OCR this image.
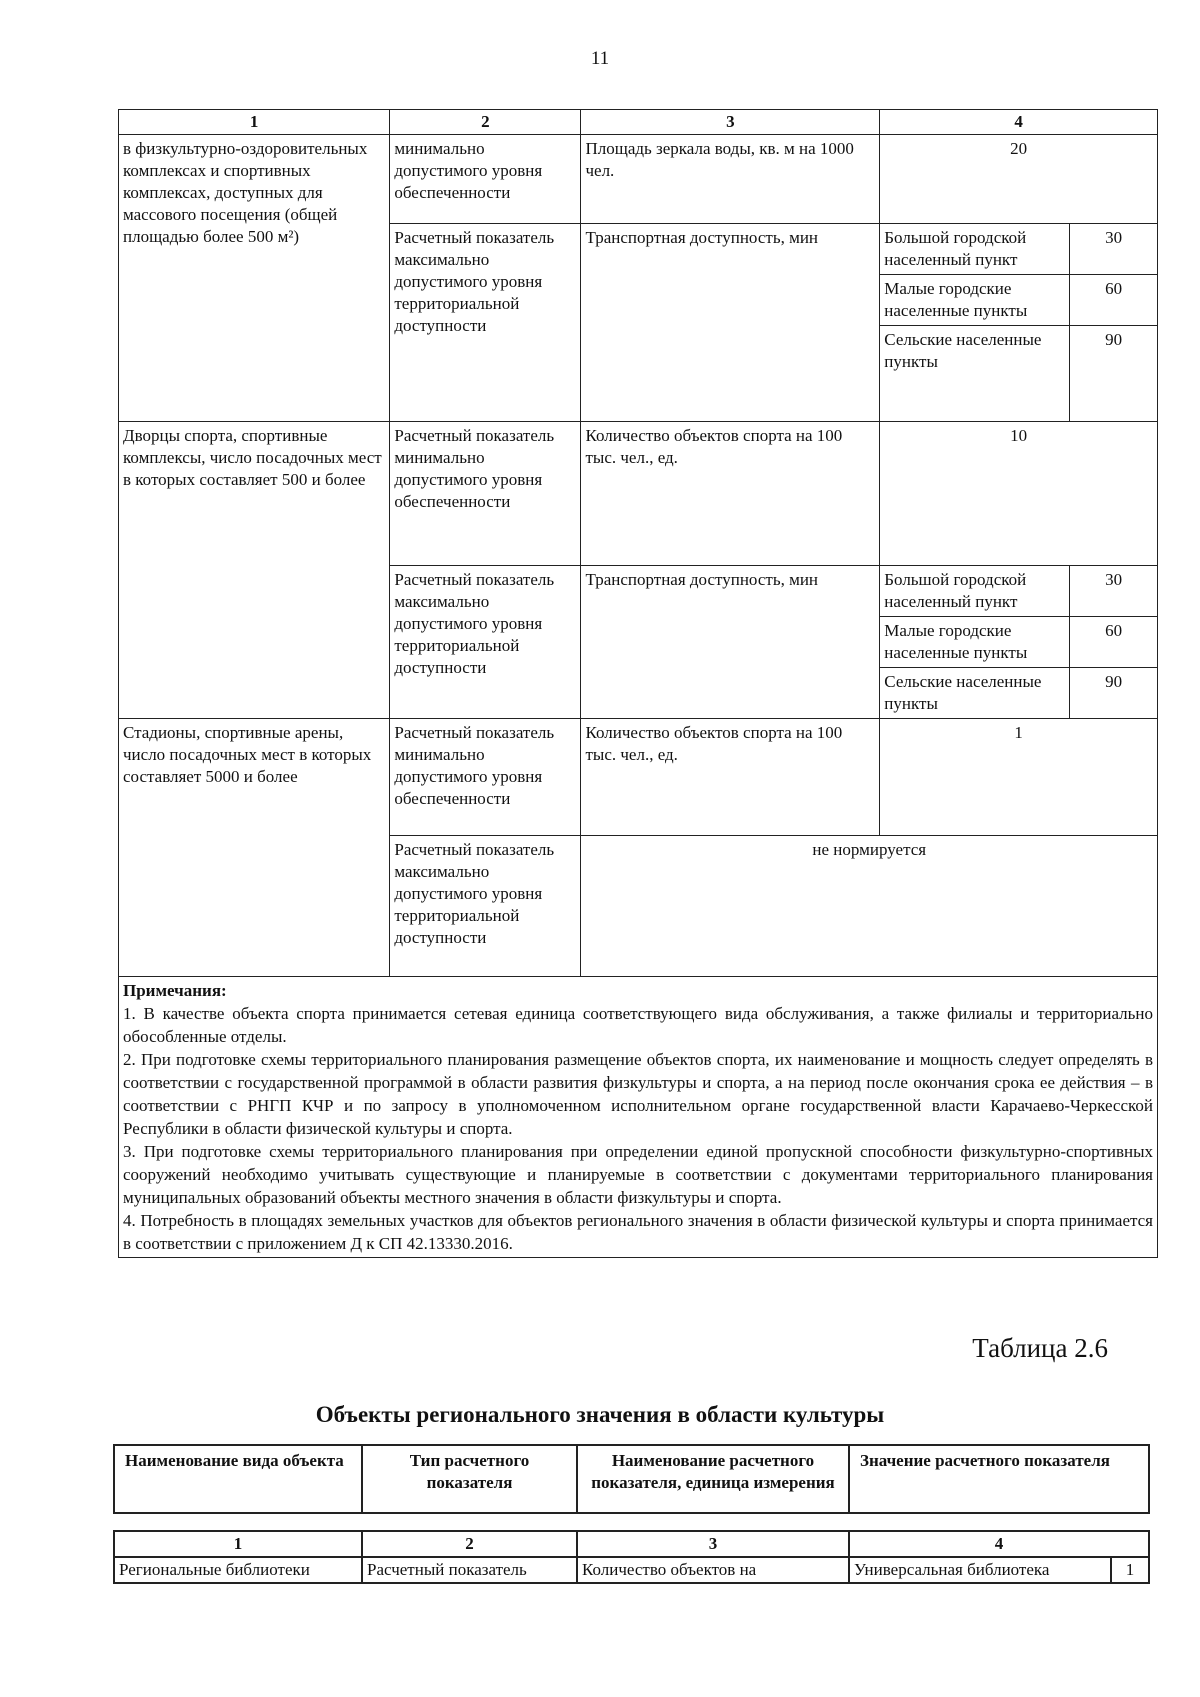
11
1	2	3	4	
в физкультурно-оздоровительных комплексах и спортивных комплексах, доступных для массового посещения (общей площадью более 500 м²)	минимально допустимого уровня обеспеченности	Площадь зеркала воды, кв. м на 1000 чел.	20	
	Расчетный показатель максимально допустимого уровня территориальной доступности	Транспортная доступность, мин	Большой городской населенный пункт	30
			Малые городские населенные пункты	60
			Сельские населенные пункты	90
Дворцы спорта, спортивные комплексы, число посадочных мест в которых составляет 500 и более	Расчетный показатель минимально допустимого уровня обеспеченности	Количество объектов спорта на 100 тыс. чел., ед.	10	
	Расчетный показатель максимально допустимого уровня территориальной доступности	Транспортная доступность, мин	Большой городской населенный пункт	30
			Малые городские населенные пункты	60
			Сельские населенные пункты	90
Стадионы, спортивные арены, число посадочных мест в которых составляет 5000 и более	Расчетный показатель минимально допустимого уровня обеспеченности	Количество объектов спорта на 100 тыс. чел., ед.	1	
	Расчетный показатель максимально допустимого уровня территориальной доступности	не нормируется		

Примечания:

1. В качестве объекта спорта принимается сетевая единица соответствующего вида обслуживания, а также филиалы и территориально обособленные отделы.

2. При подготовке схемы территориального планирования размещение объектов спорта, их наименование и мощность следует определять в соответствии с государственной программой в области развития физкультуры и спорта, а на период после окончания срока ее действия – в соответствии с РНГП КЧР и по запросу в уполномоченном исполнительном органе государственной власти Карачаево-Черкесской Республики в области физической культуры и спорта.

3. При подготовке схемы территориального планирования при определении единой пропускной способности физкультурно-спортивных сооружений необходимо учитывать существующие и планируемые в соответствии с документами территориального планирования муниципальных образований объекты местного значения в области физкультуры и спорта.

4. Потребность в площадях земельных участков для объектов регионального значения в области физической культуры и спорта принимается в соответствии с приложением Д к СП 42.13330.2016.				

Таблица 2.6
Объекты регионального значения в области культуры
Наименование вида объекта	Тип расчетного показателя	Наименование расчетного показателя, единица измерения	Значение расчетного показателя
1	2	3	4	
Региональные библиотеки	Расчетный показатель	Количество объектов на	Универсальная библиотека	1
